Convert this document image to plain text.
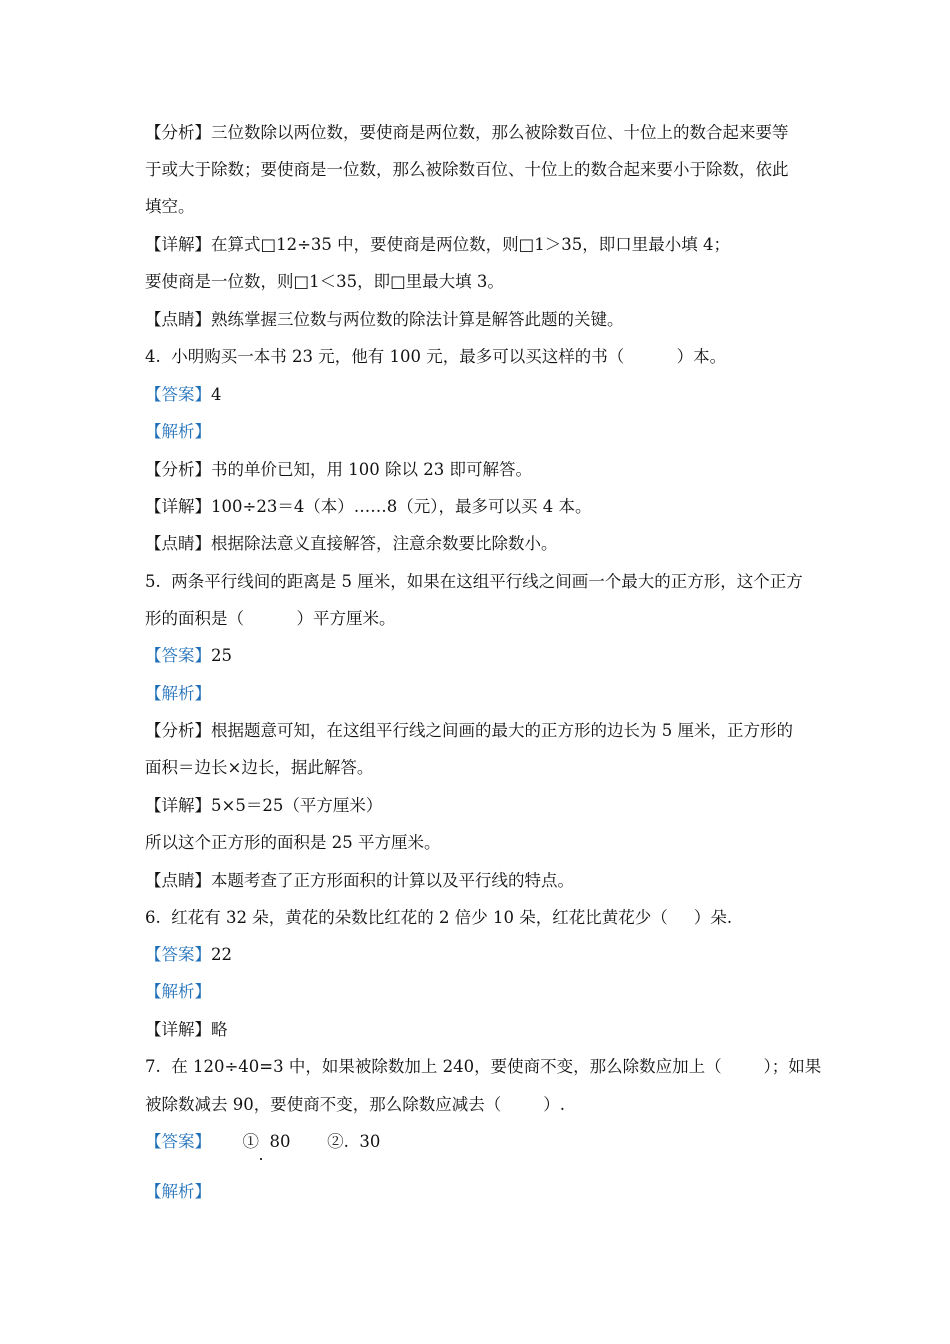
【分析】三位数除以两位数，要使商是两位数，那么被除数百位、十位上的数合起来要等
于或大于除数；要使商是一位数，那么被除数百位、十位上的数合起来要小于除数，依此
填空。
【详解】在算式□12÷35 中，要使商是两位数，则□1＞35，即口里最小填 4；
要使商是一位数，则□1＜35，即□里最大填 3。
【点睛】熟练掌握三位数与两位数的除法计算是解答此题的关键。
4.  小明购买一本书 23 元，他有 100 元，最多可以买这样的书（          ）本。
【答案】4
【解析】
【分析】书的单价已知，用 100 除以 23 即可解答。
【详解】100÷23＝4（本）……8（元），最多可以买 4 本。
【点睛】根据除法意义直接解答，注意余数要比除数小。
5.  两条平行线间的距离是 5 厘米，如果在这组平行线之间画一个最大的正方形，这个正方
形的面积是（          ）平方厘米。
【答案】25
【解析】
【分析】根据题意可知，在这组平行线之间画的最大的正方形的边长为 5 厘米，正方形的
面积＝边长×边长，据此解答。
【详解】5×5＝25（平方厘米）
所以这个正方形的面积是 25 平方厘米。
【点睛】本题考查了正方形面积的计算以及平行线的特点。
6.  红花有 32 朵，黄花的朵数比红花的 2 倍少 10 朵，红花比黄花少（     ）朵.
【答案】22
【解析】
【详解】略
7.  在 120÷40=3 中，如果被除数加上 240，要使商不变，那么除数应加上（        ）；如果
被除数减去 90，要使商不变，那么除数应减去（        ）.
【答案】      ①  80       ②.  30
【解析】
